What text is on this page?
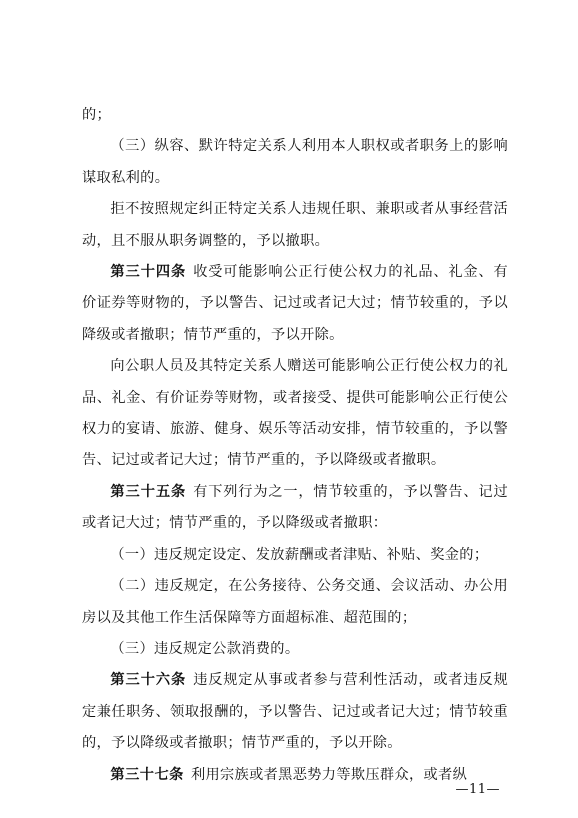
的；

（三）纵容、默许特定关系人利用本人职权或者职务上的影响谋取私利的。

拒不按照规定纠正特定关系人违规任职、兼职或者从事经营活动，且不服从职务调整的，予以撤职。

第三十四条 收受可能影响公正行使公权力的礼品、礼金、有价证券等财物的，予以警告、记过或者记大过；情节较重的，予以降级或者撤职；情节严重的，予以开除。

向公职人员及其特定关系人赠送可能影响公正行使公权力的礼品、礼金、有价证券等财物，或者接受、提供可能影响公正行使公权力的宴请、旅游、健身、娱乐等活动安排，情节较重的，予以警告、记过或者记大过；情节严重的，予以降级或者撤职。

第三十五条 有下列行为之一，情节较重的，予以警告、记过或者记大过；情节严重的，予以降级或者撤职：

（一）违反规定设定、发放薪酬或者津贴、补贴、奖金的；

（二）违反规定，在公务接待、公务交通、会议活动、办公用房以及其他工作生活保障等方面超标准、超范围的；

（三）违反规定公款消费的。

第三十六条 违反规定从事或者参与营利性活动，或者违反规定兼任职务、领取报酬的，予以警告、记过或者记大过；情节较重的，予以降级或者撤职；情节严重的，予以开除。

第三十七条 利用宗族或者黑恶势力等欺压群众，或者纵

—11—
